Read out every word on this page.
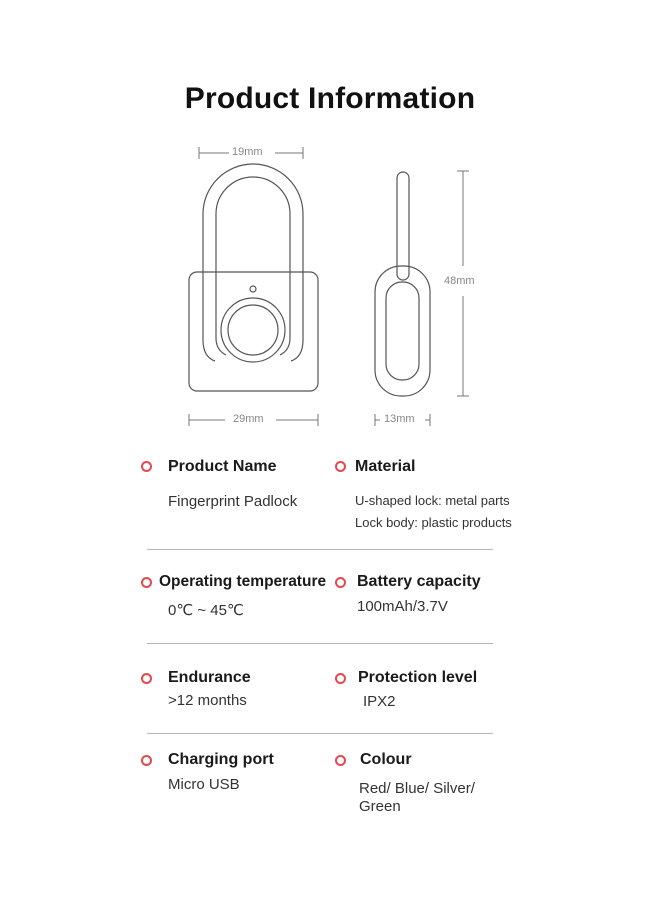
Product Information
19mm
29mm	13mm
48mm
Product Name
Fingerprint Padlock
Material
U-shaped lock: metal parts
Lock body: plastic products
Operating temperature
0℃ ~ 45℃
Battery capacity
100mAh/3.7V
Endurance
>12 months
Protection level
IPX2
Charging port
Micro USB
Colour
Red/ Blue/ Silver/
Green
